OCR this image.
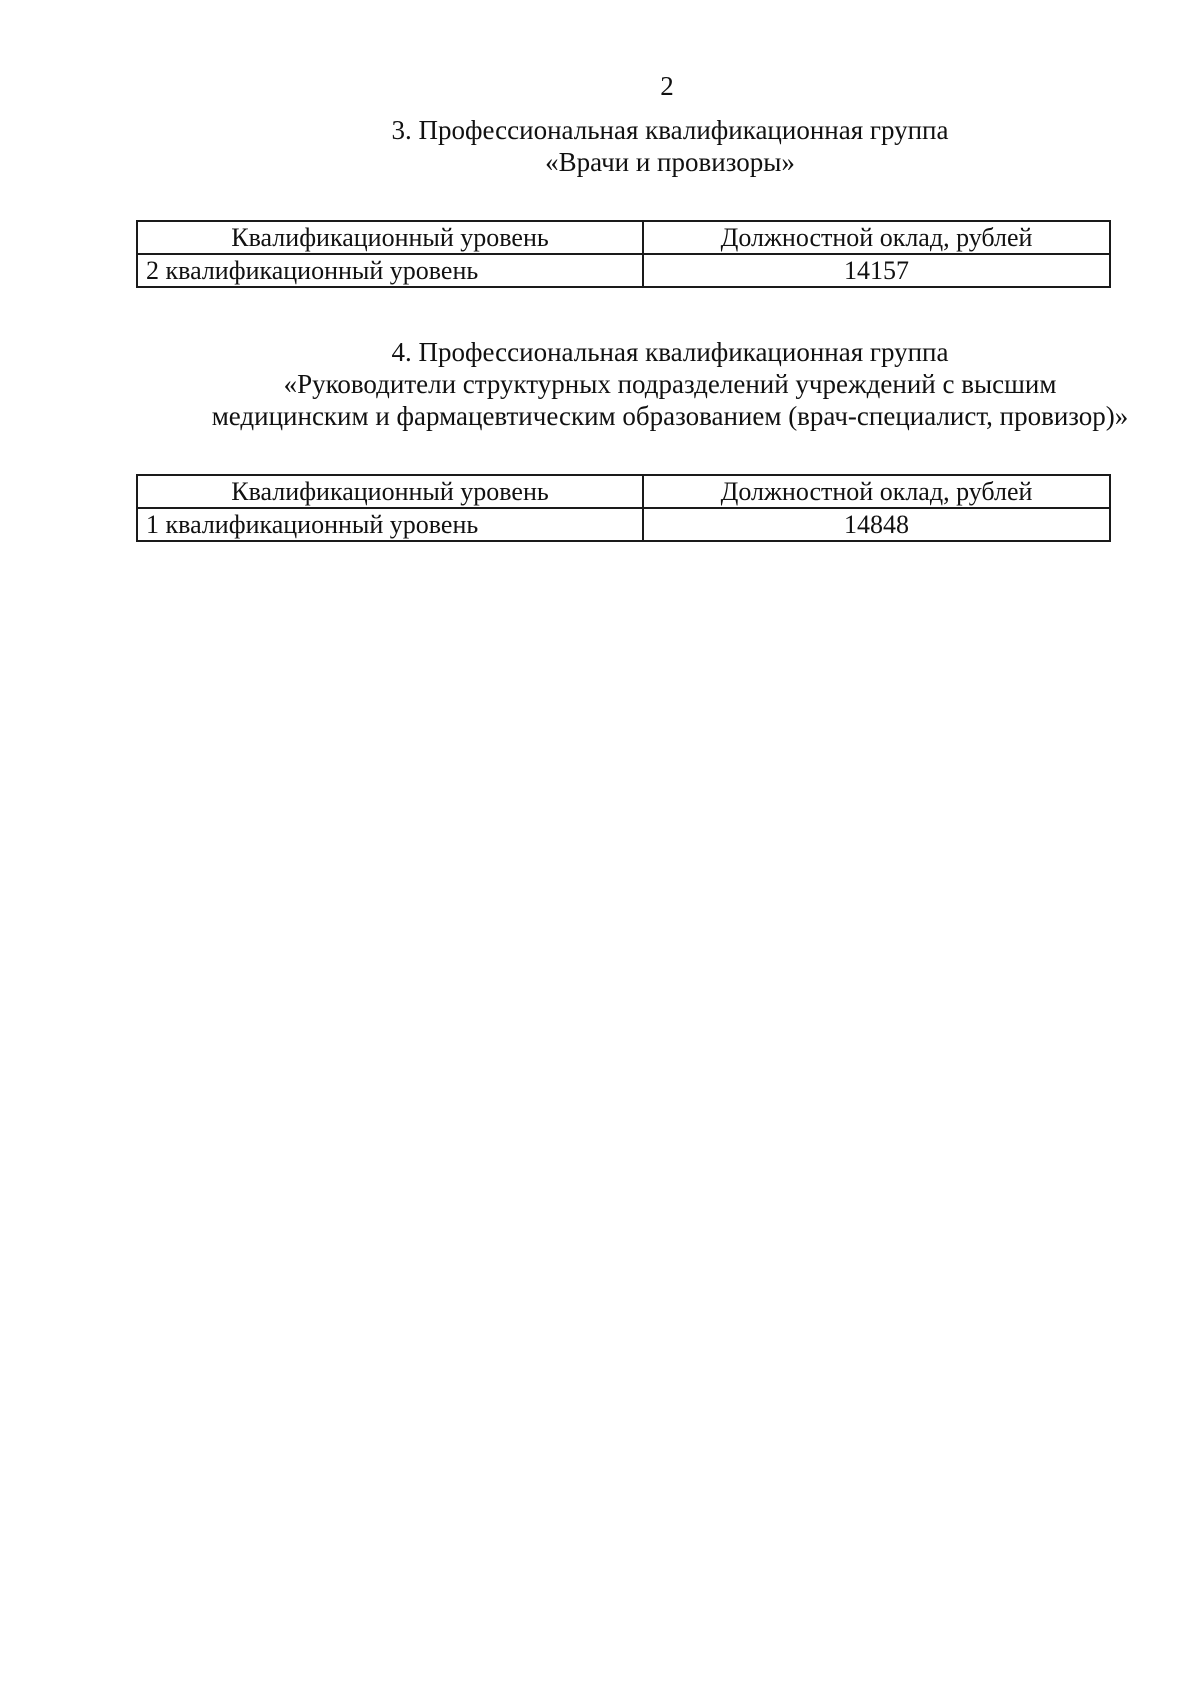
2
3. Профессиональная квалификационная группа
«Врачи и провизоры»
Квалификационный уровень	Должностной оклад, рублей
2 квалификационный уровень	14157
4. Профессиональная квалификационная группа
«Руководители структурных подразделений учреждений с высшим
медицинским и фармацевтическим образованием (врач-специалист, провизор)»
Квалификационный уровень	Должностной оклад, рублей
1 квалификационный уровень	14848
